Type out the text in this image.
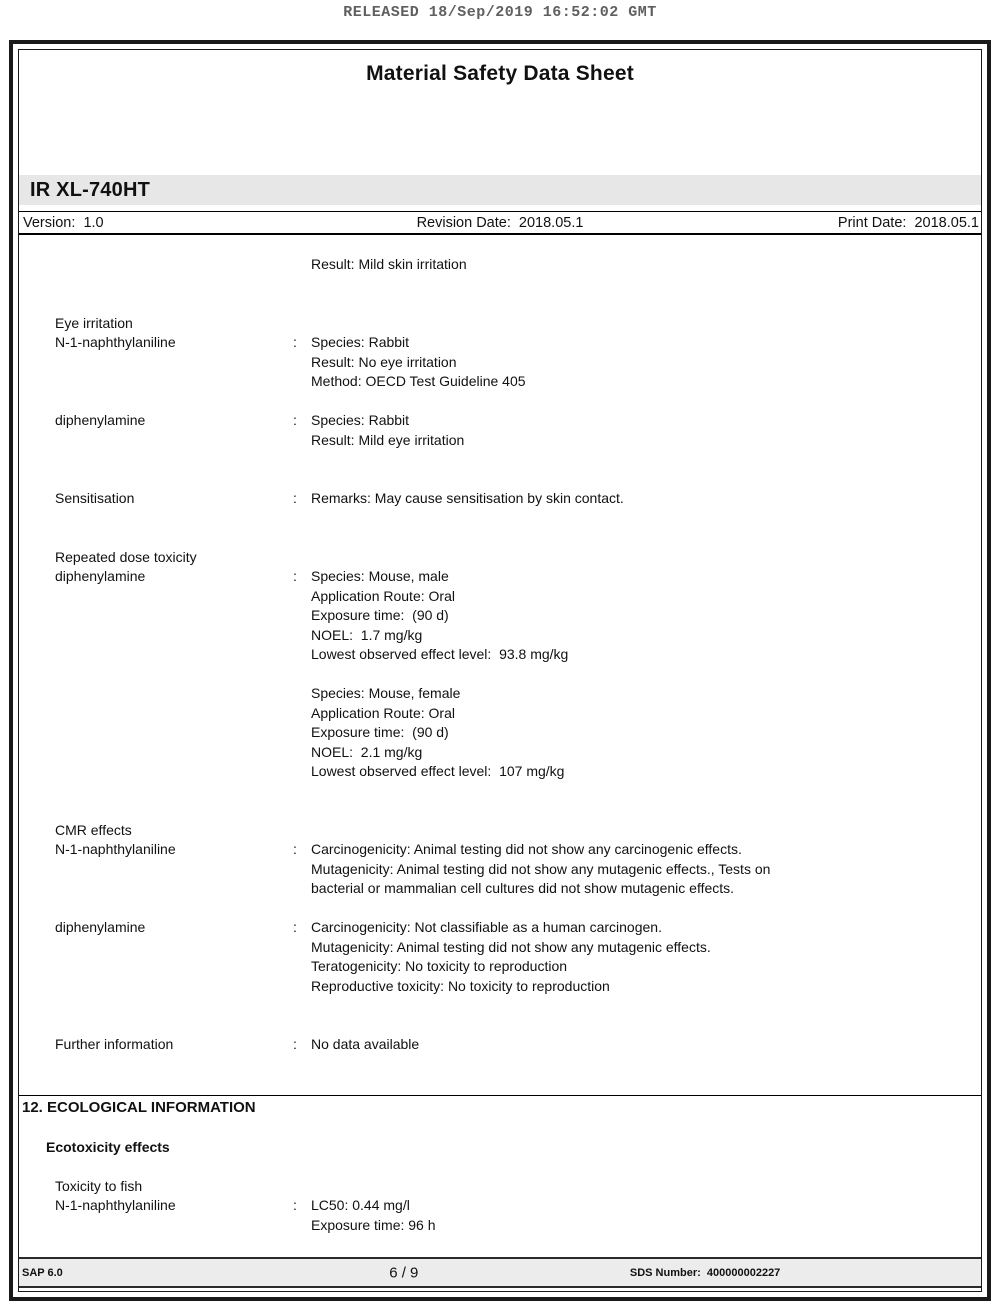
RELEASED 18/Sep/2019 16:52:02 GMT
Material Safety Data Sheet
IR XL-740HT
Version: 1.0	Revision Date: 2018.05.1	Print Date: 2018.05.1
Result: Mild skin irritation
Eye irritation
N-1-naphthylaniline	:	Species: Rabbit
Result: No eye irritation
Method: OECD Test Guideline 405
diphenylamine	:	Species: Rabbit
Result: Mild eye irritation
Sensitisation	:	Remarks: May cause sensitisation by skin contact.
Repeated dose toxicity
diphenylamine	:	Species: Mouse, male
Application Route: Oral
Exposure time:  (90 d)
NOEL:  1.7 mg/kg
Lowest observed effect level:  93.8 mg/kg
Species: Mouse, female
Application Route: Oral
Exposure time:  (90 d)
NOEL:  2.1 mg/kg
Lowest observed effect level:  107 mg/kg
CMR effects
N-1-naphthylaniline	:	Carcinogenicity: Animal testing did not show any carcinogenic effects.
Mutagenicity: Animal testing did not show any mutagenic effects., Tests on
bacterial or mammalian cell cultures did not show mutagenic effects.
diphenylamine	:	Carcinogenicity: Not classifiable as a human carcinogen.
Mutagenicity: Animal testing did not show any mutagenic effects.
Teratogenicity: No toxicity to reproduction
Reproductive toxicity: No toxicity to reproduction
Further information	:	No data available
12. ECOLOGICAL INFORMATION
Ecotoxicity effects
Toxicity to fish
N-1-naphthylaniline	:	LC50: 0.44 mg/l
Exposure time: 96 h
SAP 6.0	6 / 9	SDS Number: 400000002227
